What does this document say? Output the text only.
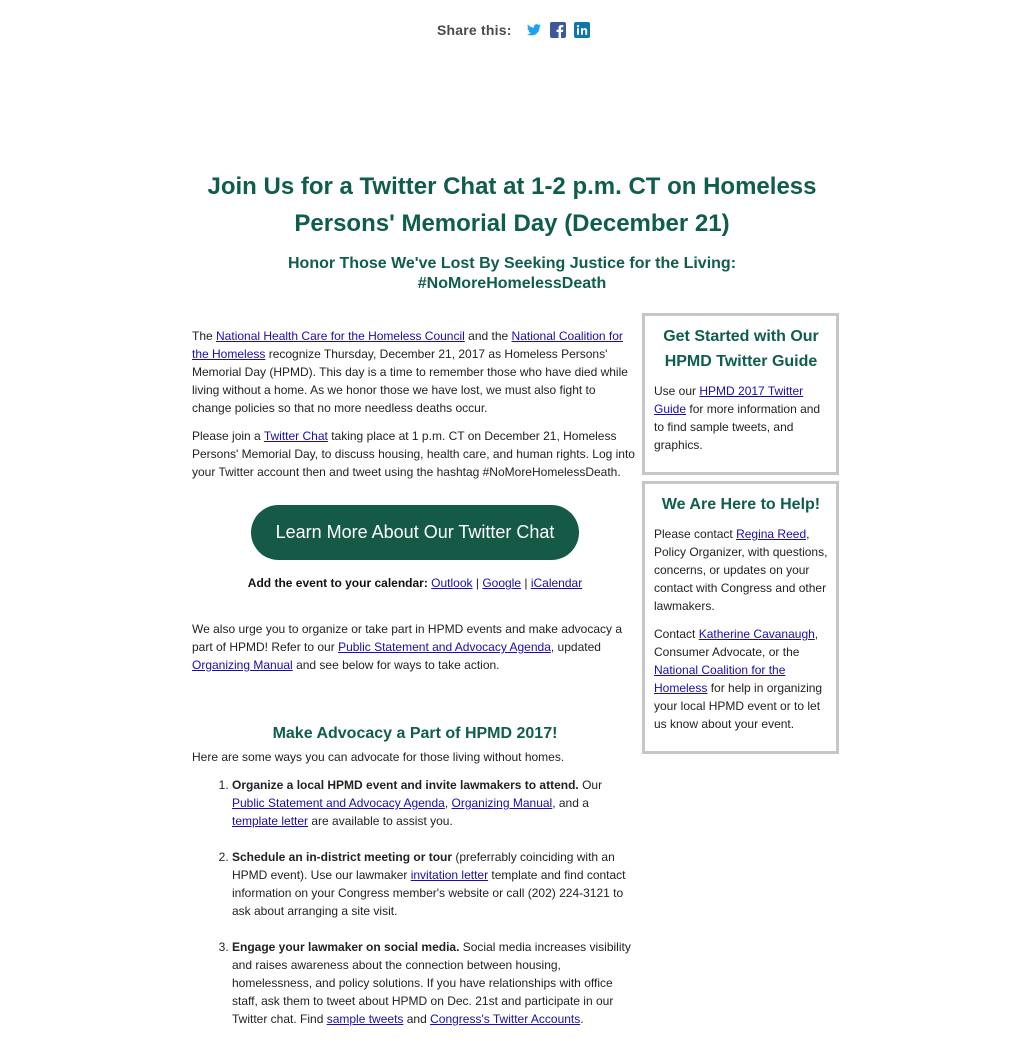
Share this:
Join Us for a Twitter Chat at 1-2 p.m. CT on Homeless Persons' Memorial Day (December 21)
Honor Those We've Lost By Seeking Justice for the Living: #NoMoreHomelessDeath

The National Health Care for the Homeless Council and the National Coalition for the Homeless recognize Thursday, December 21, 2017 as Homeless Persons' Memorial Day (HPMD). This day is a time to remember those who have died while living without a home. As we honor those we have lost, we must also fight to change policies so that no more needless deaths occur.

Please join a Twitter Chat taking place at 1 p.m. CT on December 21, Homeless Persons' Memorial Day, to discuss housing, health care, and human rights. Log into your Twitter account then and tweet using the hashtag #NoMoreHomelessDeath.

Learn More About Our Twitter Chat
Add the event to your calendar: Outlook | Google | iCalendar

We also urge you to organize or take part in HPMD events and make advocacy a part of HPMD! Refer to our Public Statement and Advocacy Agenda, updated Organizing Manual and see below for ways to take action.

Make Advocacy a Part of HPMD 2017!

Here are some ways you can advocate for those living without homes.

1. Organize a local HPMD event and invite lawmakers to attend. Our Public Statement and Advocacy Agenda, Organizing Manual, and a template letter are available to assist you.
2. Schedule an in-district meeting or tour (preferrably coinciding with an HPMD event). Use our lawmaker invitation letter template and find contact information on your Congress member's website or call (202) 224-3121 to ask about arranging a site visit.
3. Engage your lawmaker on social media. Social media increases visibility and raises awareness about the connection between housing, homelessness, and policy solutions. If you have relationships with office staff, ask them to tweet about HPMD on Dec. 21st and participate in our Twitter chat. Find sample tweets and Congress's Twitter Accounts.
Get Started with Our HPMD Twitter Guide

Use our HPMD 2017 Twitter Guide for more information and to find sample tweets, and graphics.

We Are Here to Help!

Please contact Regina Reed, Policy Organizer, with questions, concerns, or updates on your contact with Congress and other lawmakers.

Contact Katherine Cavanaugh, Consumer Advocate, or the National Coalition for the Homeless for help in organizing your local HPMD event or to let us know about your event.
